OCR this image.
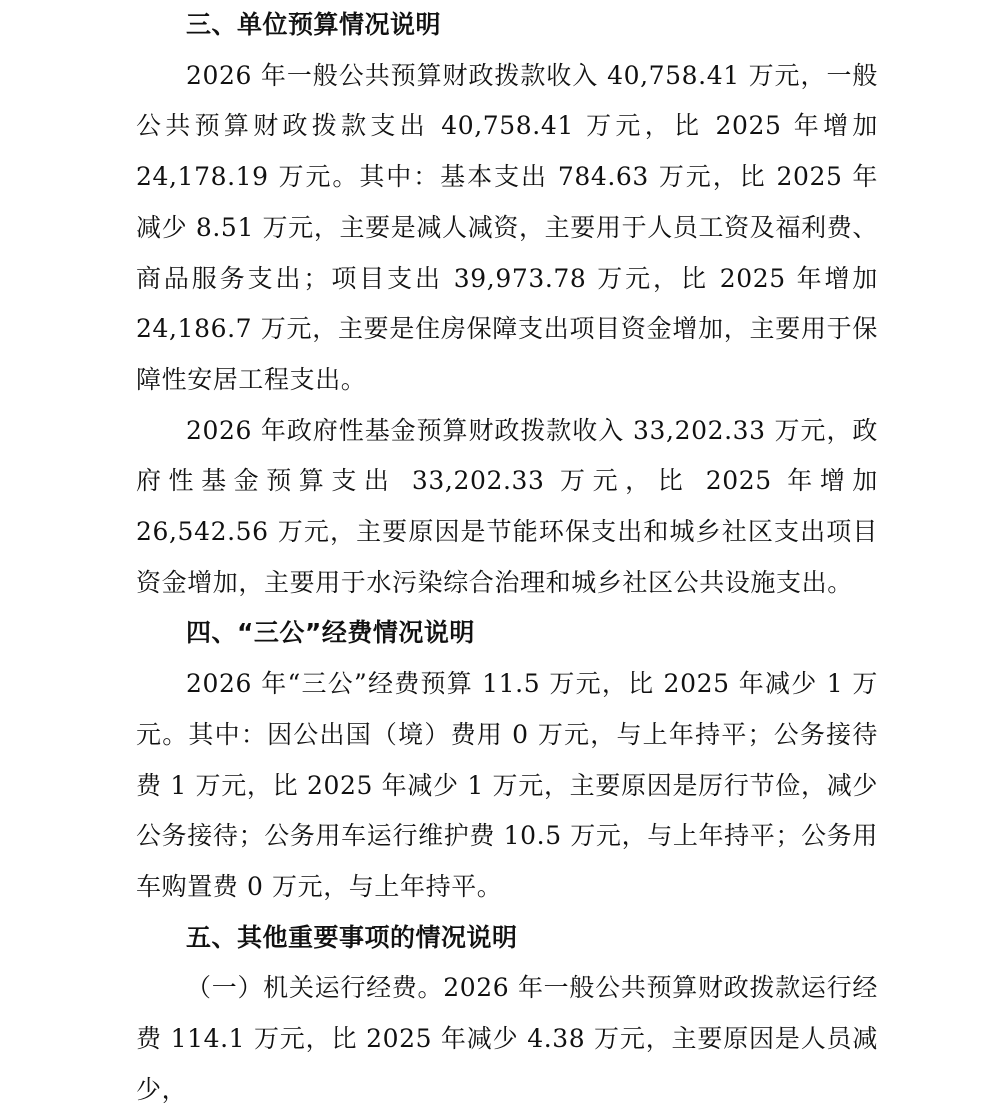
三、单位预算情况说明

2026 年一般公共预算财政拨款收入 40,758.41 万元，一般公共预算财政拨款支出 40,758.41 万元，比 2025 年增加 24,178.19 万元。其中：基本支出 784.63 万元，比 2025 年减少 8.51 万元，主要是减人减资，主要用于人员工资及福利费、商品服务支出；项目支出 39,973.78 万元，比 2025 年增加 24,186.7 万元，主要是住房保障支出项目资金增加，主要用于保障性安居工程支出。

2026 年政府性基金预算财政拨款收入 33,202.33 万元，政府性基金预算支出 33,202.33 万元，比 2025 年增加 26,542.56 万元，主要原因是节能环保支出和城乡社区支出项目资金增加，主要用于水污染综合治理和城乡社区公共设施支出。

四、“三公”经费情况说明

2026 年“三公”经费预算 11.5 万元，比 2025 年减少 1 万元。其中：因公出国（境）费用 0 万元，与上年持平；公务接待费 1 万元，比 2025 年减少 1 万元，主要原因是厉行节俭，减少公务接待；公务用车运行维护费 10.5 万元，与上年持平；公务用车购置费 0 万元，与上年持平。

五、其他重要事项的情况说明

（一）机关运行经费。2026 年一般公共预算财政拨款运行经费 114.1 万元，比 2025 年减少 4.38 万元，主要原因是人员减少，
